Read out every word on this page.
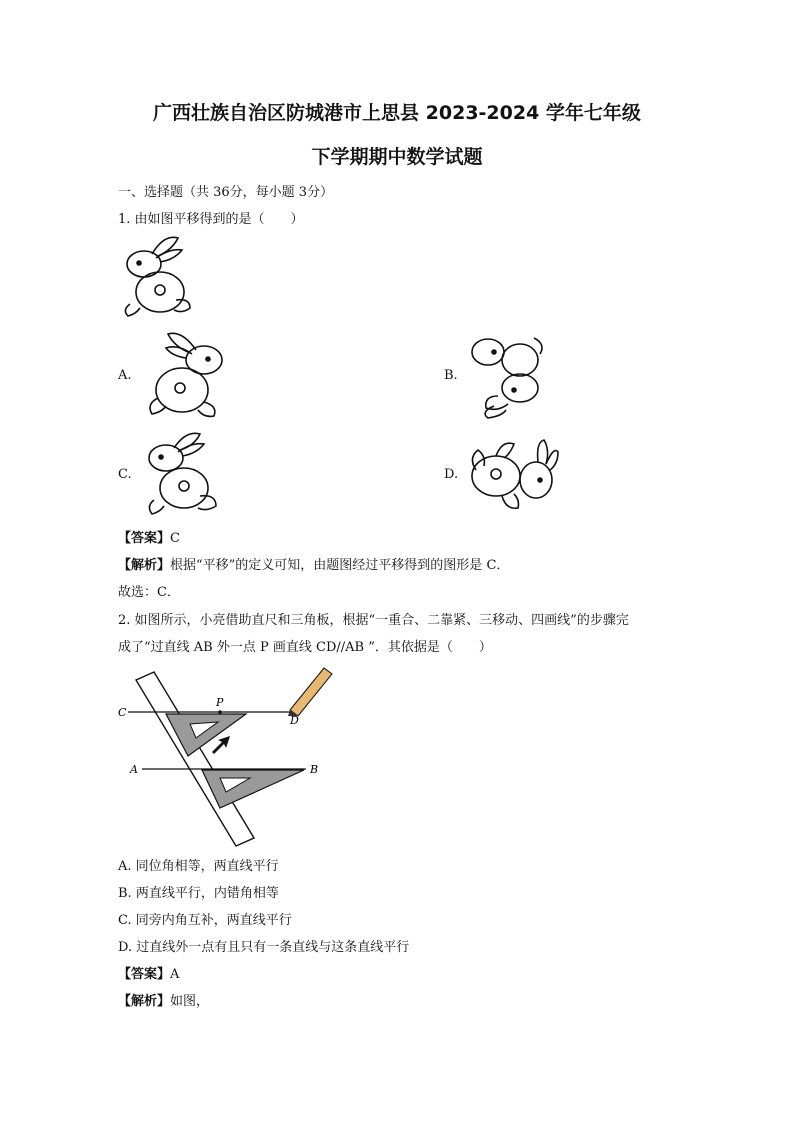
广西壮族自治区防城港市上思县 2023-2024 学年七年级
下学期期中数学试题
一、选择题（共 36分，每小题 3分）
1. 由如图平移得到的是（　　）
A.	B.
C.	D.
【答案】C
【解析】根据“平移”的定义可知，由题图经过平移得到的图形是 C．
故选：C．
2. 如图所示，小亮借助直尺和三角板，根据“一重合、二靠紧、三移动、四画线”的步骤完
成了“过直线 AB 外一点 P 画直线 CD//AB ”．其依据是（　　）
C
P
D
A	B
A. 同位角相等，两直线平行
B. 两直线平行，内错角相等
C. 同旁内角互补，两直线平行
D. 过直线外一点有且只有一条直线与这条直线平行
【答案】A
【解析】如图，
